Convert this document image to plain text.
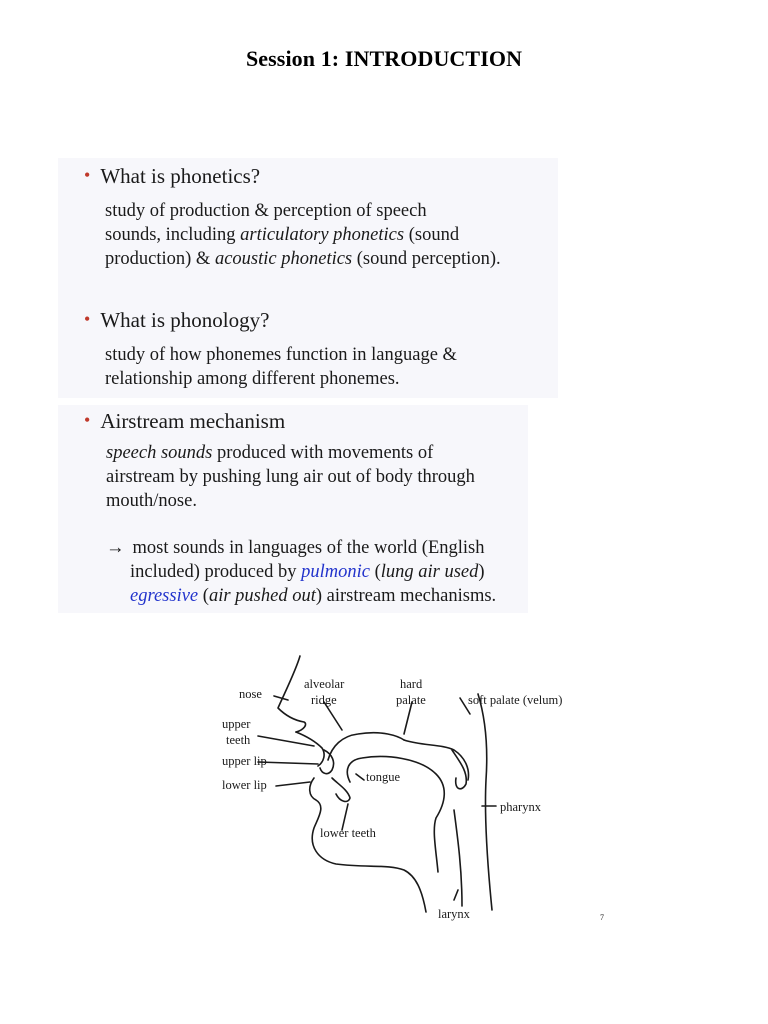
Session 1: INTRODUCTION
• What is phonetics?
study of production & perception of speech
sounds, including articulatory phonetics (sound
production) & acoustic phonetics (sound perception).
• What is phonology?
study of how phonemes function in language &
relationship among different phonemes.
• Airstream mechanism
speech sounds produced with movements of
airstream by pushing lung air out of body through
mouth/nose.
→ most sounds in languages of the world (English
included) produced by pulmonic (lung air used)
egressive (air pushed out) airstream mechanisms.
nose
alveolar
ridge
hard
palate	soft palate (velum)
upper
teeth
upper lip
lower lip
tongue
pharynx
lower teeth
larynx	7
